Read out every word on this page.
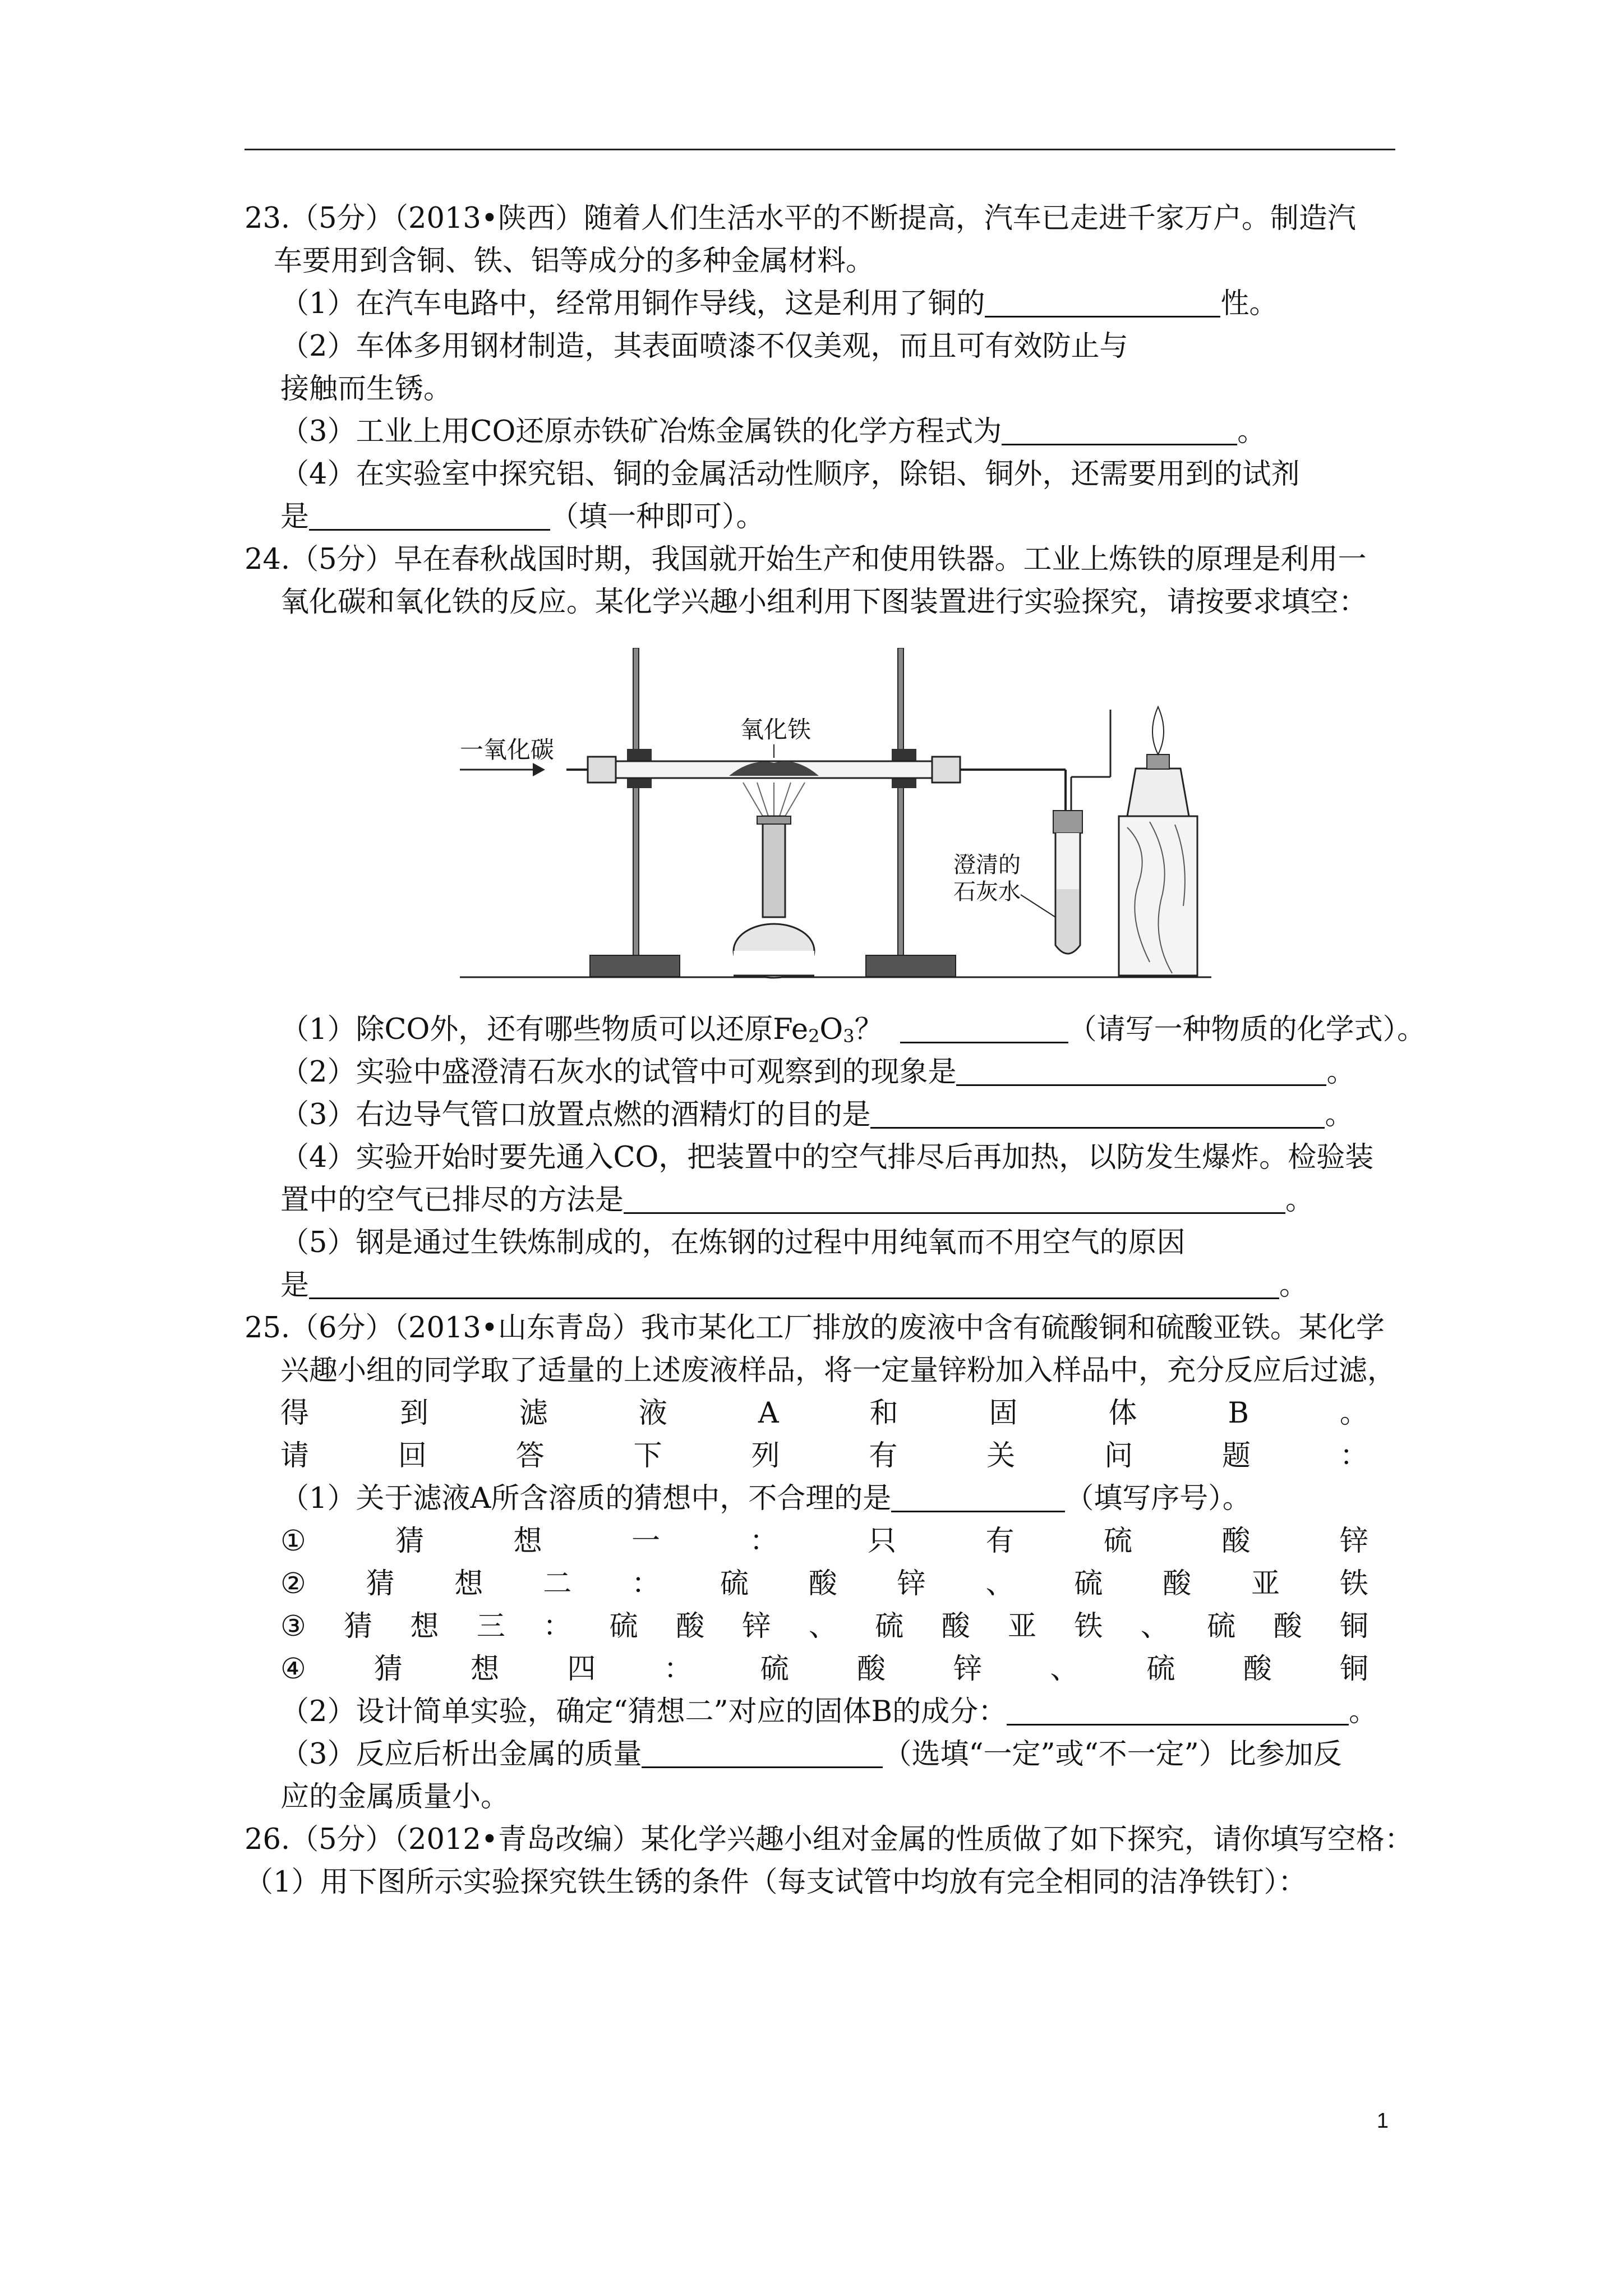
23.（5分）（2013•陕西）随着人们生活水平的不断提高，汽车已走进千家万户。制造汽
车要用到含铜、铁、铝等成分的多种金属材料。
（1）在汽车电路中，经常用铜作导线，这是利用了铜的	性。
（2）车体多用钢材制造，其表面喷漆不仅美观，而且可有效防止与
接触而生锈。
（3）工业上用CO还原赤铁矿冶炼金属铁的化学方程式为	。
（4）在实验室中探究铝、铜的金属活动性顺序，除铝、铜外，还需要用到的试剂
是	（填一种即可）。
24.（5分）早在春秋战国时期，我国就开始生产和使用铁器。工业上炼铁的原理是利用一
氧化碳和氧化铁的反应。某化学兴趣小组利用下图装置进行实验探究，请按要求填空：
一氧化碳
氧化铁
澄清的
石灰水
（1）除CO外，还有哪些物质可以还原$Fe_2O_3$？	（请写一种物质的化学式）。
（2）实验中盛澄清石灰水的试管中可观察到的现象是	。
（3）右边导气管口放置点燃的酒精灯的目的是	。
（4）实验开始时要先通入CO，把装置中的空气排尽后再加热，以防发生爆炸。检验装
置中的空气已排尽的方法是	。
（5）钢是通过生铁炼制成的，在炼钢的过程中用纯氧而不用空气的原因
是	。
25.（6分）（2013•山东青岛）我市某化工厂排放的废液中含有硫酸铜和硫酸亚铁。某化学
兴趣小组的同学取了适量的上述废液样品，将一定量锌粉加入样品中，充分反应后过滤，
得	到	滤	液	A	和	固	体	B	。
请	回	答	下	列	有	关	问	题	：
（1）关于滤液A所含溶质的猜想中，不合理的是	（填写序号）。
①	猜	想	一	：	只	有	硫	酸	锌
② 猜 想 二 ： 硫 酸 锌 、 硫 酸 亚 铁
③ 猜 想 三 ： 硫 酸 锌 、 硫 酸 亚 铁 、 硫 酸 铜
④ 猜 想 四 ： 硫 酸 锌 、 硫 酸 铜
（2）设计简单实验，确定“猜想二”对应的固体B的成分：	。
（3）反应后析出金属的质量	（选填“一定”或“不一定”）比参加反
应的金属质量小。
26.（5分）（2012•青岛改编）某化学兴趣小组对金属的性质做了如下探究，请你填写空格：
（1）用下图所示实验探究铁生锈的条件（每支试管中均放有完全相同的洁净铁钉）：
1
